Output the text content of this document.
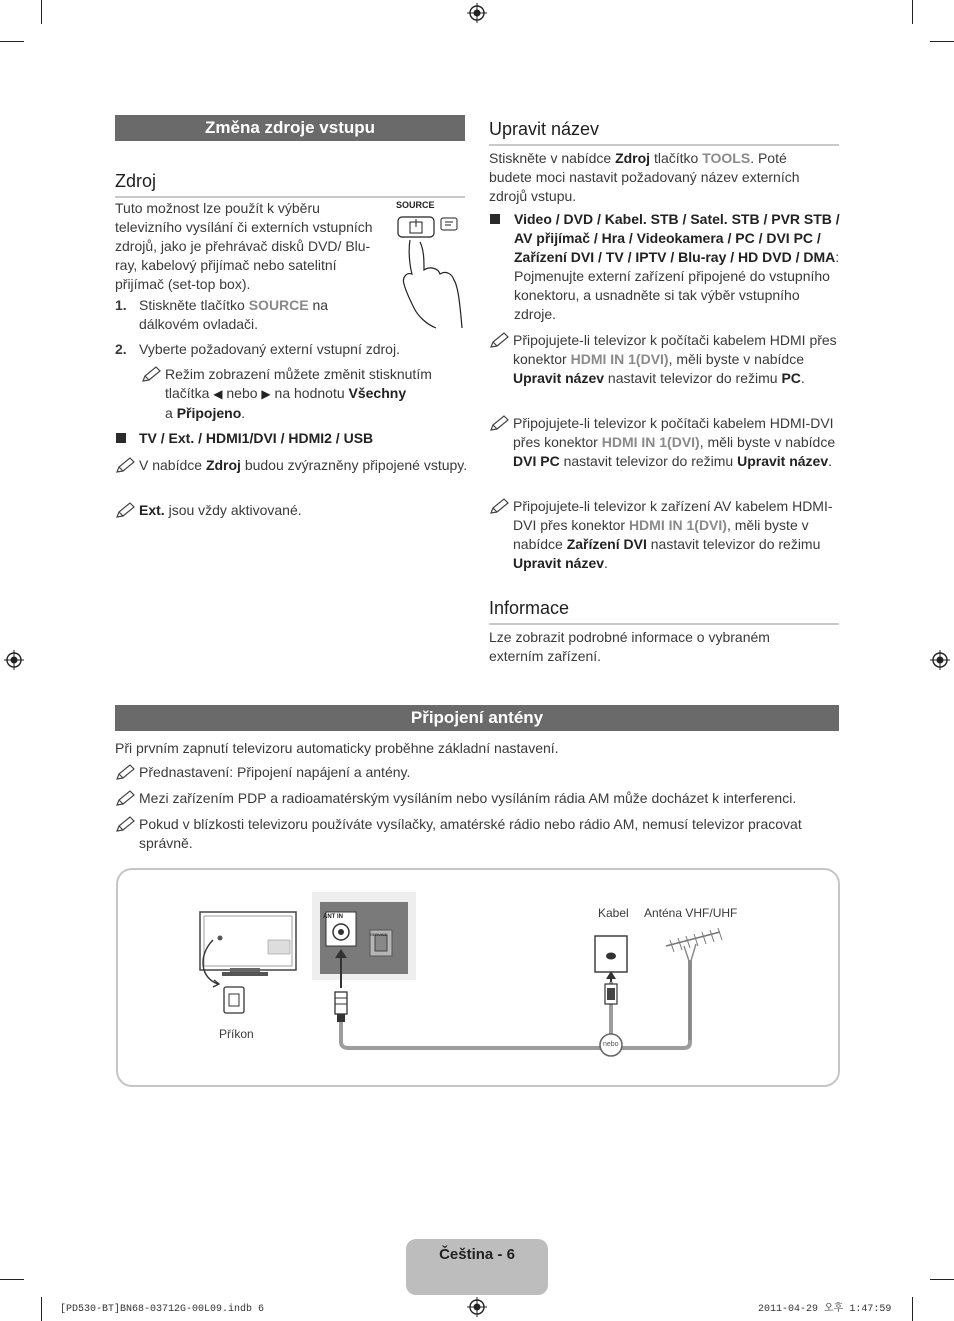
Změna zdroje vstupu
Zdroj
Tuto možnost lze použít k výběru televizního vysílání či externích vstupních zdrojů, jako je přehrávač disků DVD/ Blu-ray, kabelový přijímač nebo satelitní přijímač (set-top box).
SOURCE
1. Stiskněte tlačítko SOURCE na dálkovém ovladači.
2. Vyberte požadovaný externí vstupní zdroj.
Režim zobrazení můžete změnit stisknutím tlačítka ◀ nebo ▶ na hodnotu Všechny
a Připojeno.
TV / Ext. / HDMI1/DVI / HDMI2 / USB
V nabídce Zdroj budou zvýrazněny připojené vstupy.
Ext. jsou vždy aktivované.
Upravit název
Stiskněte v nabídce Zdroj tlačítko TOOLS. Poté budete moci nastavit požadovaný název externích zdrojů vstupu.
Video / DVD / Kabel. STB / Satel. STB / PVR STB / AV přijímač / Hra / Videokamera / PC / DVI PC / Zařízení DVI / TV / IPTV / Blu-ray / HD DVD / DMA: Pojmenujte externí zařízení připojené do vstupního konektoru, a usnadněte si tak výběr vstupního zdroje.
Připojujete-li televizor k počítači kabelem HDMI přes konektor HDMI IN 1(DVI), měli byste v nabídce Upravit název nastavit televizor do režimu PC.
Připojujete-li televizor k počítači kabelem HDMI-DVI přes konektor HDMI IN 1(DVI), měli byste v nabídce DVI PC nastavit televizor do režimu Upravit název.
Připojujete-li televizor k zařízení AV kabelem HDMI-DVI přes konektor HDMI IN 1(DVI), měli byste v nabídce Zařízení DVI nastavit televizor do režimu Upravit název.
Informace
Lze zobrazit podrobné informace o vybraném externím zařízení.
Připojení antény
Při prvním zapnutí televizoru automaticky proběhne základní nastavení.
Přednastavení: Připojení napájení a antény.
Mezi zařízením PDP a radioamatérským vysíláním nebo vysíláním rádia AM může docházet k interferenci.
Pokud v blízkosti televizoru používáte vysílačky, amatérské rádio nebo rádio AM, nemusí televizor pracovat správně.
ANT IN
SERVICE
Příkon
Kabel Anténa VHF/UHF
nebo
Čeština - 6
[PD530-BT]BN68-03712G-00L09.indb 6	2011-04-29 오후 1:47:59
